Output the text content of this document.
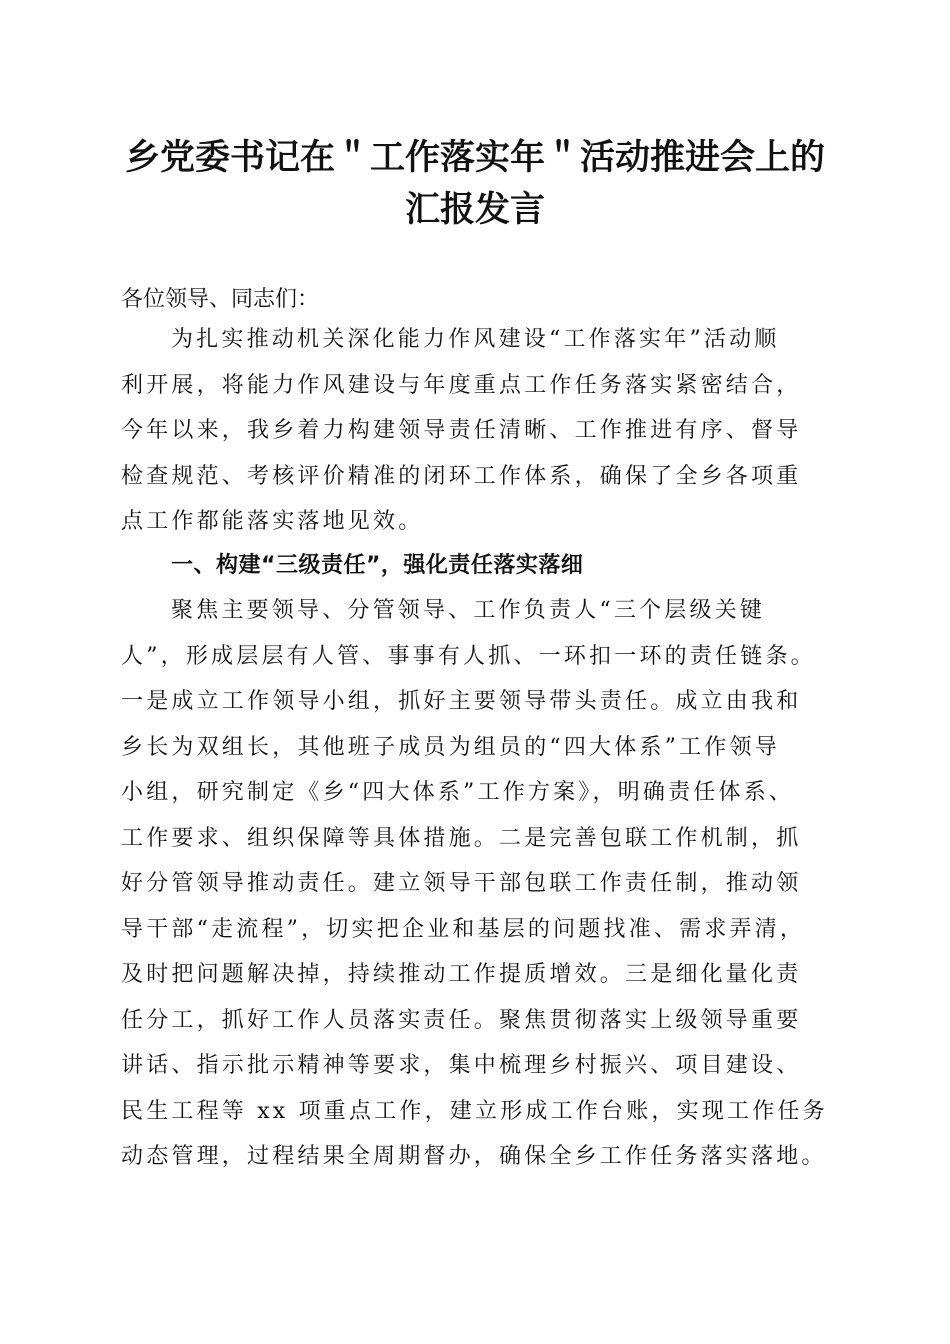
乡党委书记在＂工作落实年＂活动推进会上的
汇报发言
各位领导、同志们：
为扎实推动机关深化能力作风建设“工作落实年”活动顺
利开展，将能力作风建设与年度重点工作任务落实紧密结合，
今年以来，我乡着力构建领导责任清晰、工作推进有序、督导
检查规范、考核评价精准的闭环工作体系，确保了全乡各项重
点工作都能落实落地见效。
一、构建“三级责任”，强化责任落实落细
聚焦主要领导、分管领导、工作负责人“三个层级关键
人”，形成层层有人管、事事有人抓、一环扣一环的责任链条。
一是成立工作领导小组，抓好主要领导带头责任。成立由我和
乡长为双组长，其他班子成员为组员的“四大体系”工作领导
小组，研究制定《乡“四大体系”工作方案》，明确责任体系、
工作要求、组织保障等具体措施。二是完善包联工作机制，抓
好分管领导推动责任。建立领导干部包联工作责任制，推动领
导干部“走流程”，切实把企业和基层的问题找准、需求弄清，
及时把问题解决掉，持续推动工作提质增效。三是细化量化责
任分工，抓好工作人员落实责任。聚焦贯彻落实上级领导重要
讲话、指示批示精神等要求，集中梳理乡村振兴、项目建设、
民生工程等 xx 项重点工作，建立形成工作台账，实现工作任务
动态管理，过程结果全周期督办，确保全乡工作任务落实落地。
